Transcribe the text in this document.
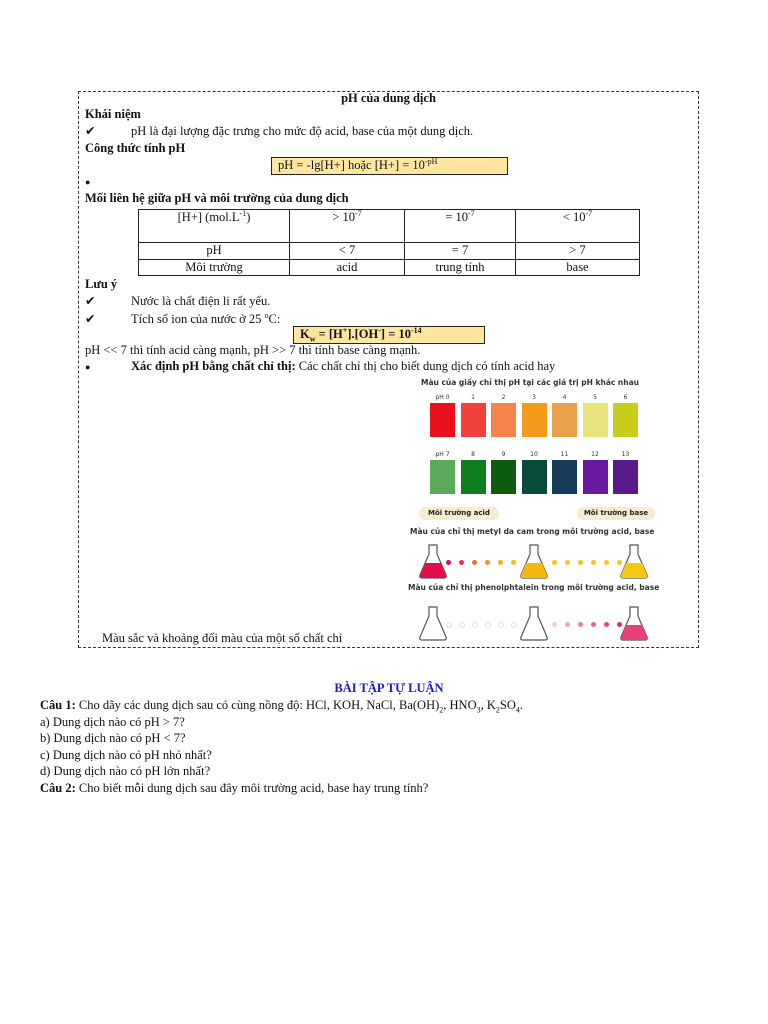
pH của dung dịch
Khái niệm
✔	pH là đại lượng đặc trưng cho mức độ acid, base của một dung dịch.
Công thức tính pH
pH = -lg[H+] hoặc $[H+] = 10^{-pH}$
●
Mối liên hệ giữa pH và môi trường của dung dịch
[H+] $(mol.L^{-1})$	> $10^{-7}$	= $10^{-7}$	< $10^{-7}$
pH	< 7	= 7	> 7
Môi trường	acid	trung tính	base
Lưu ý
✔	Nước là chất điện li rất yếu.
✔	Tích số ion của nước ở 25 $^o$C:
$K_w = [H^+].[OH^-] = 10^{-14}$
pH << 7 thì tính acid càng mạnh, pH >> 7 thì tính base càng mạnh.
●	Xác định pH bằng chất chỉ thị: Các chất chỉ thị cho biết dung dịch có tính acid hay
Màu của giấy chỉ thị pH tại các giá trị pH khác nhau
pH 0	1	2	3	4	5	6
pH 7	8	9	10	11	12	13
Môi trường acid	Môi trường base
Màu của chỉ thị metyl da cam trong môi trường acid, base
Màu của chỉ thị phenolphtalein trong môi trường acid, base
Màu sắc và khoảng đổi màu của một số chất chỉ
BÀI TẬP TỰ LUẬN
Câu 1: Cho dãy các dung dịch sau có cùng nồng độ: HCl, KOH, NaCl, $Ba(OH)_2$, $HNO_3$, $K_2SO_4$.
a) Dung dịch nào có pH > 7?
b) Dung dịch nào có pH < 7?
c) Dung dịch nào có pH nhỏ nhất?
d) Dung dịch nào có pH lớn nhất?
Câu 2: Cho biết mỗi dung dịch sau đây môi trường acid, base hay trung tính?
